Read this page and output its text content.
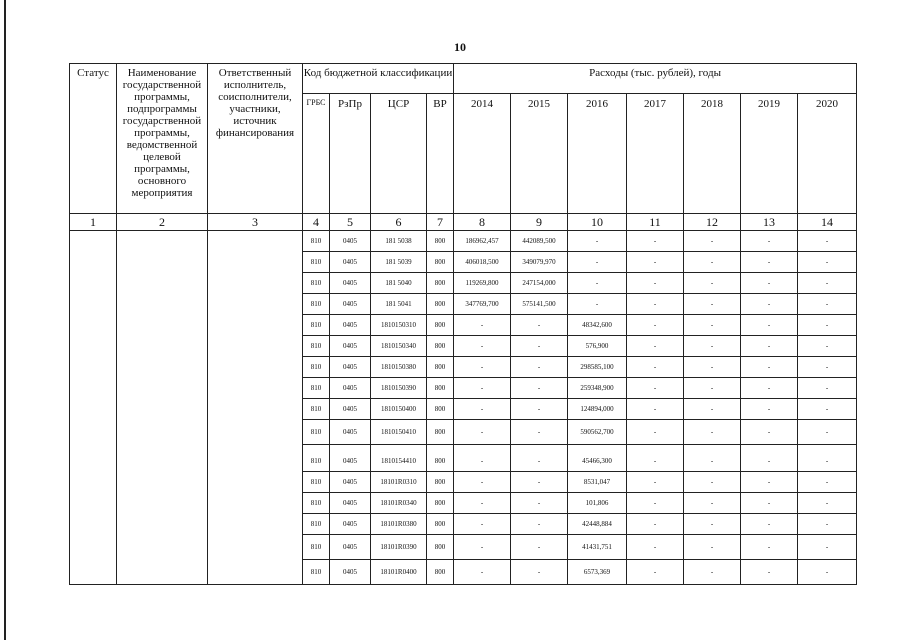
10
Статус	Наименование государственной программы, подпрограммы государственной программы, ведомственной целевой программы, основного мероприятия	Ответственный исполнитель, соисполнители, участники, источник финансирования	Код бюджетной классификации				Расходы (тыс. рублей), годы						
			ГРБС	РзПр	ЦСР	ВР	2014	2015	2016	2017	2018	2019	2020
1	2	3	4	5	6	7	8	9	10	11	12	13	14
			810	0405	181 5038	800	186962,457	442089,500	-	-	-	-	-
			810	0405	181 5039	800	406018,500	349079,970	-	-	-	-	-
			810	0405	181 5040	800	119269,800	247154,000	-	-	-	-	-
			810	0405	181 5041	800	347769,700	575141,500	-	-	-	-	-
			810	0405	1810150310	800	-	-	48342,600	-	-	-	-
			810	0405	1810150340	800	-	-	576,900	-	-	-	-
			810	0405	1810150380	800	-	-	298585,100	-	-	-	-
			810	0405	1810150390	800	-	-	259348,900	-	-	-	-
			810	0405	1810150400	800	-	-	124894,000	-	-	-	-
			810	0405	1810150410	800	-	-	590562,700	-	-	-	-
			810	0405	1810154410	800	-	-	45466,300	-	-	-	-
			810	0405	18101R0310	800	-	-	8531,047	-	-	-	-
			810	0405	18101R0340	800	-	-	101,806	-	-	-	-
			810	0405	18101R0380	800	-	-	42448,884	-	-	-	-
			810	0405	18101R0390	800	-	-	41431,751	-	-	-	-
			810	0405	18101R0400	800	-	-	6573,369	-	-	-	-
